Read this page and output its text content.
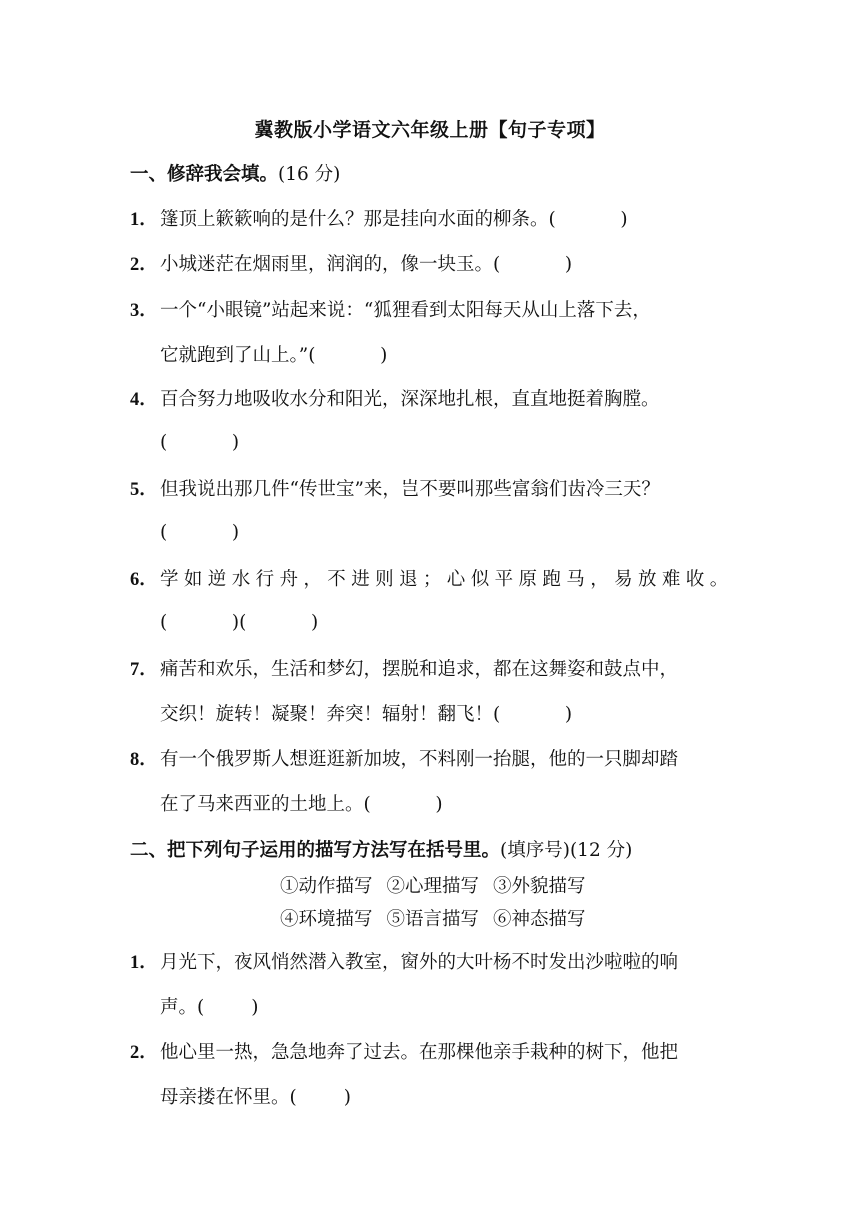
冀教版小学语文六年级上册【句子专项】
一、修辞我会填。(16 分)
1． 篷顶上簌簌响的是什么？那是挂向水面的柳条。(           )
2． 小城迷茫在烟雨里，润润的，像一块玉。(           )
3． 一个“小眼镜”站起来说：“狐狸看到太阳每天从山上落下去，
它就跑到了山上。”(           )
4． 百合努力地吸收水分和阳光，深深地扎根，直直地挺着胸膛。
(           )
5． 但我说出那几件“传世宝”来，岂不要叫那些富翁们齿冷三天？
(           )
6． 学如逆水行舟，不进则退；心似平原跑马，易放难收。
(           )(           )
7． 痛苦和欢乐，生活和梦幻，摆脱和追求，都在这舞姿和鼓点中，
交织！旋转！凝聚！奔突！辐射！翻飞！(           )
8． 有一个俄罗斯人想逛逛新加坡，不料刚一抬腿，他的一只脚却踏
在了马来西亚的土地上。(           )
二、把下列句子运用的描写方法写在括号里。(填序号)(12 分)
①动作描写 ②心理描写 ③外貌描写
④环境描写 ⑤语言描写 ⑥神态描写
1． 月光下，夜风悄然潜入教室，窗外的大叶杨不时发出沙啦啦的响
声。(        )
2． 他心里一热，急急地奔了过去。在那棵他亲手栽种的树下，他把
母亲搂在怀里。(        )
